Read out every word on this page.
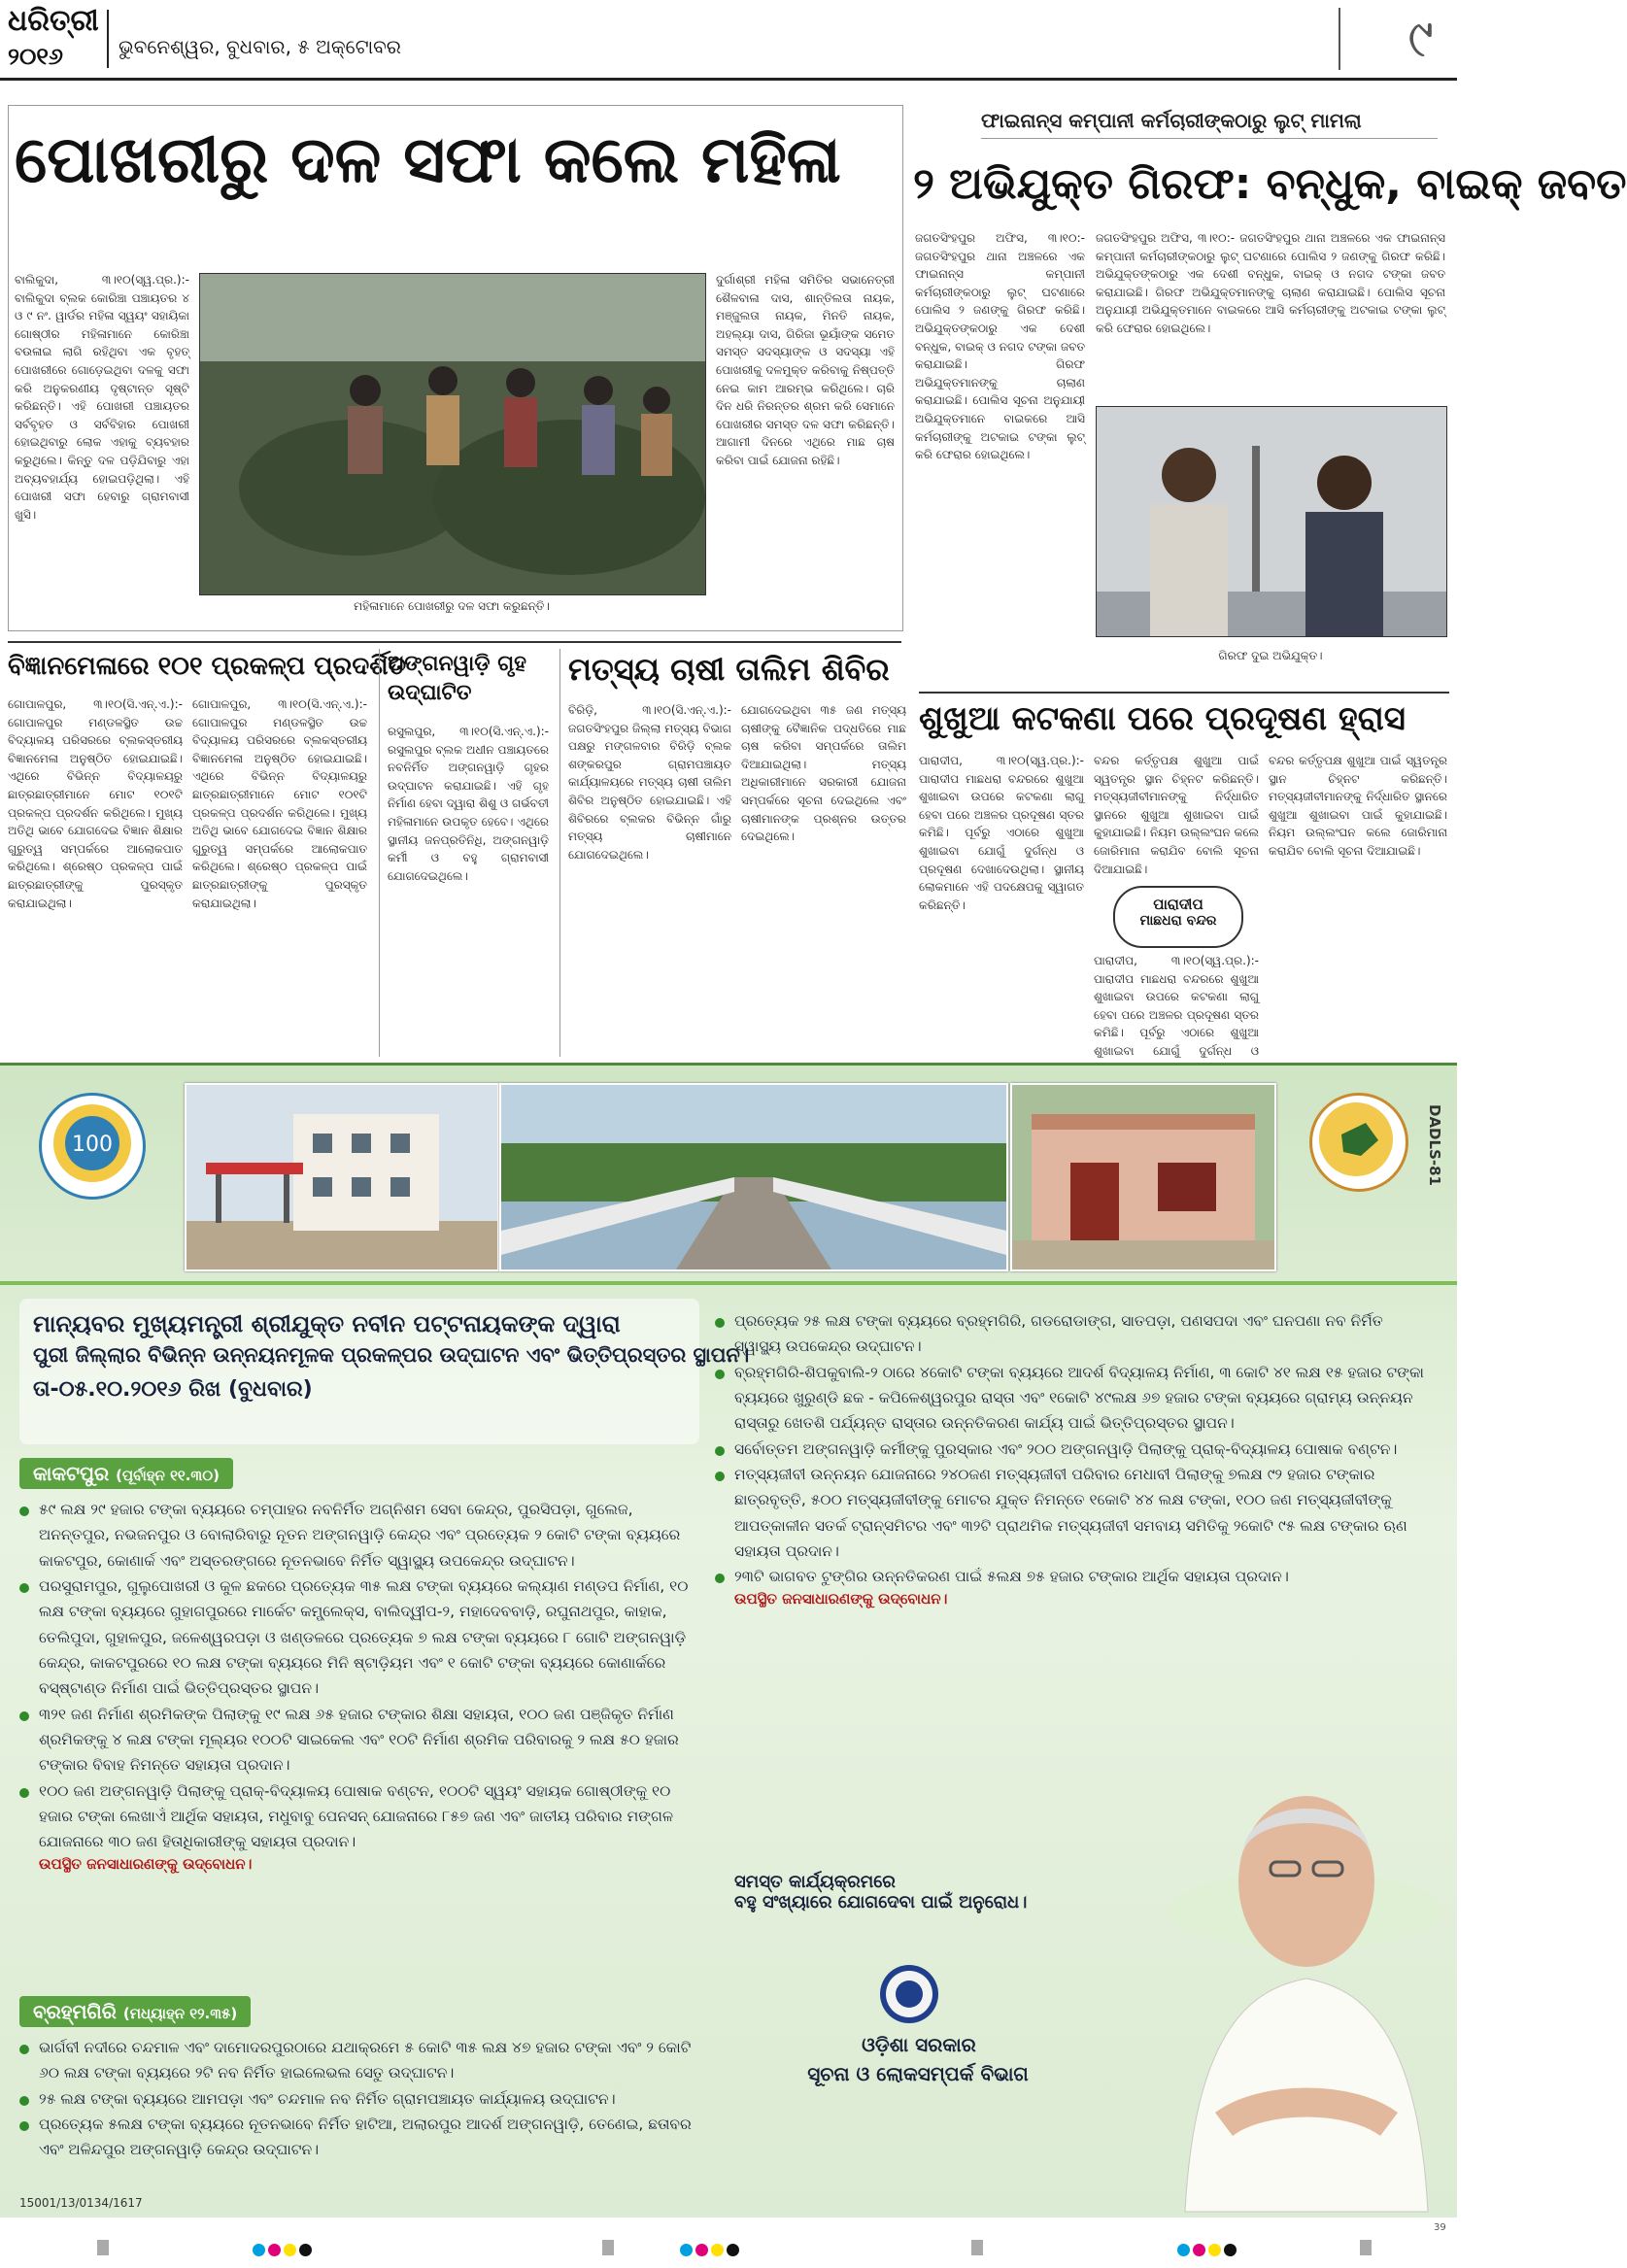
ଧରିତ୍ରୀ
୨୦୧୬	ଭୁବନେଶ୍ୱର, ବୁଧବାର, ୫ ଅକ୍ଟୋବର	୯
ପୋଖରୀରୁ ଦଳ ସଫା କଲେ ମହିଳା
ବାଲିକୁଦା, ୩।୧୦(ସ୍ୱ.ପ୍ର.):- ବାଲିକୁଦା ବ୍ଲକ କୋରିଞ୍ଚା ପଞ୍ଚାୟତର ୪ ଓ ୯ ନଂ. ୱାର୍ଡର ମହିଳା ସ୍ୱୟଂ ସହାୟିକା ଗୋଷ୍ଠୀର ମହିଳାମାନେ କୋରିଞ୍ଚା ବଉଳାଇ ଲାଗି ରହିଥିବା ଏକ ବୃହତ୍ ପୋଖରୀରେ ଗୋଡ଼େଇଥିବା ଦଳକୁ ସଫା କରି ଅନୁକରଣୀୟ ଦୃଷ୍ଟାନ୍ତ ସୃଷ୍ଟି କରିଛନ୍ତି। ଏହି ପୋଖରୀ ପଞ୍ଚାୟତର ସର୍ବବୃହତ ଓ ସର୍ବବିହାର ପୋଖରୀ ହୋଇଥିବାରୁ ଲୋକ ଏହାକୁ ବ୍ୟବହାର କରୁଥିଲେ। କିନ୍ତୁ ଦଳ ପଡ଼ିଯିବାରୁ ଏହା ଅବ୍ୟବହାର୍ଯ୍ୟ ହୋଇପଡ଼ିଥିଲା। ଏହି ପୋଖରୀ ସଫା ହେବାରୁ ଗ୍ରାମବାସୀ ଖୁସି।
ମହିଳାମାନେ ପୋଖରୀରୁ ଦଳ ସଫା କରୁଛନ୍ତି।
ଦୁର୍ଗାଶ୍ରୀ ମହିଳା ସମିତିର ସଭାନେତ୍ରୀ ଶୈଳବାଳା ଦାସ, ଶାନ୍ତିଲତା ନାୟକ, ମଞ୍ଜୁଲତା ନାୟକ, ମିନତି ନାୟକ, ଅହଲ୍ୟା ଦାସ, ଗିରିଜା ଭୂୟାଁଙ୍କ ସମେତ ସମସ୍ତ ସଦସ୍ୟାଙ୍କ ଓ ସଦସ୍ୟା ଏହି ପୋଖରୀକୁ ଦଳମୁକ୍ତ କରିବାକୁ ନିଷ୍ପତ୍ତି ନେଇ କାମ ଆରମ୍ଭ କରିଥିଲେ। ଚାରି ଦିନ ଧରି ନିରନ୍ତର ଶ୍ରମ କରି ସେମାନେ ପୋଖରୀର ସମସ୍ତ ଦଳ ସଫା କରିଛନ୍ତି। ଆଗାମୀ ଦିନରେ ଏଥିରେ ମାଛ ଚାଷ କରିବା ପାଇଁ ଯୋଜନା ରହିଛି।
ଫାଇନାନ୍ସ କମ୍ପାନୀ କର୍ମଚାରୀଙ୍କଠାରୁ ଲୁଟ୍ ମାମଲା
୨ ଅଭିଯୁକ୍ତ ଗିରଫ: ବନ୍ଧୁକ, ବାଇକ୍ ଜବତ
ଜଗତସିଂହପୁର ଅଫିସ, ୩।୧୦:- ଜଗତସିଂହପୁର ଥାନା ଅଞ୍ଚଳରେ ଏକ ଫାଇନାନ୍ସ କମ୍ପାନୀ କର୍ମଚାରୀଙ୍କଠାରୁ ଲୁଟ୍ ଘଟଣାରେ ପୋଲିସ ୨ ଜଣଙ୍କୁ ଗିରଫ କରିଛି। ଅଭିଯୁକ୍ତଙ୍କଠାରୁ ଏକ ଦେଶୀ ବନ୍ଧୁକ, ବାଇକ୍ ଓ ନଗଦ ଟଙ୍କା ଜବତ କରାଯାଇଛି। ଗିରଫ ଅଭିଯୁକ୍ତମାନଙ୍କୁ ଚାଲାଣ କରାଯାଇଛି। ପୋଲିସ ସୂଚନା ଅନୁଯାୟୀ ଅଭିଯୁକ୍ତମାନେ ବାଇକରେ ଆସି କର୍ମଚାରୀଙ୍କୁ ଅଟକାଇ ଟଙ୍କା ଲୁଟ୍ କରି ଫେରାର ହୋଇଥିଲେ।
ଜଗତସିଂହପୁର ଅଫିସ, ୩।୧୦:- ଜଗତସିଂହପୁର ଥାନା ଅଞ୍ଚଳରେ ଏକ ଫାଇନାନ୍ସ କମ୍ପାନୀ କର୍ମଚାରୀଙ୍କଠାରୁ ଲୁଟ୍ ଘଟଣାରେ ପୋଲିସ ୨ ଜଣଙ୍କୁ ଗିରଫ କରିଛି। ଅଭିଯୁକ୍ତଙ୍କଠାରୁ ଏକ ଦେଶୀ ବନ୍ଧୁକ, ବାଇକ୍ ଓ ନଗଦ ଟଙ୍କା ଜବତ କରାଯାଇଛି। ଗିରଫ ଅଭିଯୁକ୍ତମାନଙ୍କୁ ଚାଲାଣ କରାଯାଇଛି। ପୋଲିସ ସୂଚନା ଅନୁଯାୟୀ ଅଭିଯୁକ୍ତମାନେ ବାଇକରେ ଆସି କର୍ମଚାରୀଙ୍କୁ ଅଟକାଇ ଟଙ୍କା ଲୁଟ୍ କରି ଫେରାର ହୋଇଥିଲେ।
ଗିରଫ ଦୁଇ ଅଭିଯୁକ୍ତ।
ବିଜ୍ଞାନମେଳାରେ ୧୦୧ ପ୍ରକଳ୍ପ ପ୍ରଦର୍ଶିତ
ଗୋପାଳପୁର, ୩।୧୦(ସି.ଏନ୍.ଏ.):- ଗୋପାଳପୁର ମଣ୍ଡଳସ୍ଥିତ ଉଚ୍ଚ ବିଦ୍ୟାଳୟ ପରିସରରେ ବ୍ଲକସ୍ତରୀୟ ବିଜ୍ଞାନମେଳା ଅନୁଷ୍ଠିତ ହୋଇଯାଇଛି। ଏଥିରେ ବିଭିନ୍ନ ବିଦ୍ୟାଳୟରୁ ଛାତ୍ରଛାତ୍ରୀମାନେ ମୋଟ ୧୦୧ଟି ପ୍ରକଳ୍ପ ପ୍ରଦର୍ଶନ କରିଥିଲେ। ମୁଖ୍ୟ ଅତିଥି ଭାବେ ଯୋଗଦେଇ ବିଜ୍ଞାନ ଶିକ୍ଷାର ଗୁରୁତ୍ୱ ସମ୍ପର୍କରେ ଆଲୋକପାତ କରିଥିଲେ। ଶ୍ରେଷ୍ଠ ପ୍ରକଳ୍ପ ପାଇଁ ଛାତ୍ରଛାତ୍ରୀଙ୍କୁ ପୁରସ୍କୃତ କରାଯାଇଥିଲା।
ଗୋପାଳପୁର, ୩।୧୦(ସି.ଏନ୍.ଏ.):- ଗୋପାଳପୁର ମଣ୍ଡଳସ୍ଥିତ ଉଚ୍ଚ ବିଦ୍ୟାଳୟ ପରିସରରେ ବ୍ଲକସ୍ତରୀୟ ବିଜ୍ଞାନମେଳା ଅନୁଷ୍ଠିତ ହୋଇଯାଇଛି। ଏଥିରେ ବିଭିନ୍ନ ବିଦ୍ୟାଳୟରୁ ଛାତ୍ରଛାତ୍ରୀମାନେ ମୋଟ ୧୦୧ଟି ପ୍ରକଳ୍ପ ପ୍ରଦର୍ଶନ କରିଥିଲେ। ମୁଖ୍ୟ ଅତିଥି ଭାବେ ଯୋଗଦେଇ ବିଜ୍ଞାନ ଶିକ୍ଷାର ଗୁରୁତ୍ୱ ସମ୍ପର୍କରେ ଆଲୋକପାତ କରିଥିଲେ। ଶ୍ରେଷ୍ଠ ପ୍ରକଳ୍ପ ପାଇଁ ଛାତ୍ରଛାତ୍ରୀଙ୍କୁ ପୁରସ୍କୃତ କରାଯାଇଥିଲା।
ଅଙ୍ଗନୱାଡ଼ି ଗୃହ
ଉଦ୍‌ଘାଟିତ
ରସୁଲପୁର, ୩।୧୦(ସି.ଏନ୍.ଏ.):- ରସୁଲପୁର ବ୍ଲକ ଅଧୀନ ପଞ୍ଚାୟତରେ ନବନିର୍ମିତ ଅଙ୍ଗନୱାଡ଼ି ଗୃହର ଉଦ୍‌ଘାଟନ କରାଯାଇଛି। ଏହି ଗୃହ ନିର୍ମାଣ ହେବା ଦ୍ୱାରା ଶିଶୁ ଓ ଗର୍ଭବତୀ ମହିଳାମାନେ ଉପକୃତ ହେବେ। ଏଥିରେ ସ୍ଥାନୀୟ ଜନପ୍ରତିନିଧି, ଅଙ୍ଗନୱାଡ଼ି କର୍ମୀ ଓ ବହୁ ଗ୍ରାମବାସୀ ଯୋଗଦେଇଥିଲେ।
ମତ୍ସ୍ୟ ଚାଷୀ ତାଲିମ ଶିବିର
ବିରିଡ଼ି, ୩।୧୦(ସି.ଏନ୍.ଏ.):- ଜଗତସିଂହପୁର ଜିଲ୍ଲା ମତ୍ସ୍ୟ ବିଭାଗ ପକ୍ଷରୁ ମଙ୍ଗଳବାର ବିରିଡ଼ି ବ୍ଲକ ଶଙ୍କରପୁର ଗ୍ରାମପଞ୍ଚାୟତ କାର୍ଯ୍ୟାଳୟରେ ମତ୍ସ୍ୟ ଚାଷୀ ତାଲିମ ଶିବିର ଅନୁଷ୍ଠିତ ହୋଇଯାଇଛି। ଏହି ଶିବିରରେ ବ୍ଲକର ବିଭିନ୍ନ ଗାଁରୁ ମତ୍ସ୍ୟ ଚାଷୀମାନେ ଯୋଗଦେଇଥିଲେ।
ଯୋଗଦେଇଥିବା ୩୫ ଜଣ ମତ୍ସ୍ୟ ଚାଷୀଙ୍କୁ ବୈଜ୍ଞାନିକ ପଦ୍ଧତିରେ ମାଛ ଚାଷ କରିବା ସମ୍ପର୍କରେ ତାଲିମ ଦିଆଯାଇଥିଲା। ମତ୍ସ୍ୟ ଅଧିକାରୀମାନେ ସରକାରୀ ଯୋଜନା ସମ୍ପର୍କରେ ସୂଚନା ଦେଇଥିଲେ ଏବଂ ଚାଷୀମାନଙ୍କ ପ୍ରଶ୍ନର ଉତ୍ତର ଦେଇଥିଲେ।
ଶୁଖୁଆ କଟକଣା ପରେ ପ୍ରଦୂଷଣ ହ୍ରାସ
ପାରାଦୀପ, ୩।୧୦(ସ୍ୱ.ପ୍ର.):- ପାରାଦୀପ ମାଛଧରା ବନ୍ଦରରେ ଶୁଖୁଆ ଶୁଖାଇବା ଉପରେ କଟକଣା ଲାଗୁ ହେବା ପରେ ଅଞ୍ଚଳର ପ୍ରଦୂଷଣ ସ୍ତର କମିଛି। ପୂର୍ବରୁ ଏଠାରେ ଶୁଖୁଆ ଶୁଖାଇବା ଯୋଗୁଁ ଦୁର୍ଗନ୍ଧ ଓ ପ୍ରଦୂଷଣ ଦେଖାଦେଉଥିଲା। ସ୍ଥାନୀୟ ଲୋକମାନେ ଏହି ପଦକ୍ଷେପକୁ ସ୍ୱାଗତ କରିଛନ୍ତି।
ବନ୍ଦର କର୍ତ୍ତୃପକ୍ଷ ଶୁଖୁଆ ପାଇଁ ସ୍ୱତନ୍ତ୍ର ସ୍ଥାନ ଚିହ୍ନଟ କରିଛନ୍ତି। ମତ୍ସ୍ୟଜୀବୀମାନଙ୍କୁ ନିର୍ଦ୍ଧାରିତ ସ୍ଥାନରେ ଶୁଖୁଆ ଶୁଖାଇବା ପାଇଁ କୁହାଯାଇଛି। ନିୟମ ଉଲ୍ଲଂଘନ କଲେ ଜୋରିମାନା କରାଯିବ ବୋଲି ସୂଚନା ଦିଆଯାଇଛି।
ପାରାଦୀପ
ମାଛଧରା ବନ୍ଦର
ପାରାଦୀପ, ୩।୧୦(ସ୍ୱ.ପ୍ର.):- ପାରାଦୀପ ମାଛଧରା ବନ୍ଦରରେ ଶୁଖୁଆ ଶୁଖାଇବା ଉପରେ କଟକଣା ଲାଗୁ ହେବା ପରେ ଅଞ୍ଚଳର ପ୍ରଦୂଷଣ ସ୍ତର କମିଛି। ପୂର୍ବରୁ ଏଠାରେ ଶୁଖୁଆ ଶୁଖାଇବା ଯୋଗୁଁ ଦୁର୍ଗନ୍ଧ ଓ
ବନ୍ଦର କର୍ତ୍ତୃପକ୍ଷ ଶୁଖୁଆ ପାଇଁ ସ୍ୱତନ୍ତ୍ର ସ୍ଥାନ ଚିହ୍ନଟ କରିଛନ୍ତି। ମତ୍ସ୍ୟଜୀବୀମାନଙ୍କୁ ନିର୍ଦ୍ଧାରିତ ସ୍ଥାନରେ ଶୁଖୁଆ ଶୁଖାଇବା ପାଇଁ କୁହାଯାଇଛି। ନିୟମ ଉଲ୍ଲଂଘନ କଲେ ଜୋରିମାନା କରାଯିବ ବୋଲି ସୂଚନା ଦିଆଯାଇଛି।
100	DADLS-81
ମାନ୍ୟବର ମୁଖ୍ୟମନ୍ତ୍ରୀ ଶ୍ରୀଯୁକ୍ତ ନବୀନ ପଟ୍ଟନାୟକଙ୍କ ଦ୍ୱାରା
ପୁରୀ ଜିଲ୍ଲାର ବିଭିନ୍ନ ଉନ୍ନୟନମୂଳକ ପ୍ରକଳ୍ପର ଉଦ୍‌ଘାଟନ ଏବଂ ଭିତ୍ତିପ୍ରସ୍ତର ସ୍ଥାପନ।
ତା-୦୫.୧୦.୨୦୧୬ ରିଖ (ବୁଧବାର)
କାକଟପୁର (ପୂର୍ବାହ୍ନ ୧୧.୩୦)
୫୯ ଲକ୍ଷ ୨୯ ହଜାର ଟଙ୍କା ବ୍ୟୟରେ ଚମ୍ପାହର ନବନିର୍ମିତ ଅଗ୍ନିଶମ ସେବା କେନ୍ଦ୍ର, ପୁରସିପଡ଼ା, ଗୁଲେଜ, ଅନନ୍ତପୁର, ନଭଜନପୁର ଓ ବୋଲାରିବାରୁ ନୂତନ ଅଙ୍ଗନୱାଡ଼ି କେନ୍ଦ୍ର ଏବଂ ପ୍ରତ୍ୟେକ ୨ କୋଟି ଟଙ୍କା ବ୍ୟୟରେ କାକଟପୁର, କୋଣାର୍କ ଏବଂ ଅସ୍ତରଙ୍ଗରେ ନୂତନଭାବେ ନିର୍ମିତ ସ୍ୱାସ୍ଥ୍ୟ ଉପକେନ୍ଦ୍ର ଉଦ୍‌ଘାଟନ।
ପରସୁରାମପୁର, ଗୁଲୁପୋଖରୀ ଓ କୁଳ ଛକରେ ପ୍ରତ୍ୟେକ ୩୫ ଲକ୍ଷ ଟଙ୍କା ବ୍ୟୟରେ କଲ୍ୟାଣ ମଣ୍ଡପ ନିର୍ମାଣ, ୧୦ ଲକ୍ଷ ଟଙ୍କା ବ୍ୟୟରେ ଗୁହାଗପୁରରେ ମାର୍କେଟ କମ୍ପ୍ଲେକ୍ସ, ବାଲିଦ୍ୱୀପ-୨, ମହାଦେବବାଡ଼ି, ରଘୁନାଥପୁର, କାହାକ, ତେଲିପୁଦା, ଗୁହାଳପୁର, ଜଳେଶ୍ୱରପଡ଼ା ଓ ଖଣ୍ଡଳରେ ପ୍ରତ୍ୟେକ ୭ ଲକ୍ଷ ଟଙ୍କା ବ୍ୟୟରେ ୮ ଗୋଟି ଅଙ୍ଗନୱାଡ଼ି କେନ୍ଦ୍ର, କାକଟପୁରରେ ୧୦ ଲକ୍ଷ ଟଙ୍କା ବ୍ୟୟରେ ମିନି ଷ୍ଟାଡ଼ିୟମ ଏବଂ ୧ କୋଟି ଟଙ୍କା ବ୍ୟୟରେ କୋଣାର୍କରେ ବସ୍‌ଷ୍ଟାଣ୍ଡ ନିର୍ମାଣ ପାଇଁ ଭିତ୍ତିପ୍ରସ୍ତର ସ୍ଥାପନ।
୩୨୧ ଜଣ ନିର୍ମାଣ ଶ୍ରମିକଙ୍କ ପିଲାଙ୍କୁ ୧୯ ଲକ୍ଷ ୬୫ ହଜାର ଟଙ୍କାର ଶିକ୍ଷା ସହାୟତା, ୧୦୦ ଜଣ ପଞ୍ଜିକୃତ ନିର୍ମାଣ ଶ୍ରମିକଙ୍କୁ ୪ ଲକ୍ଷ ଟଙ୍କା ମୂଲ୍ୟର ୧୦୦ଟି ସାଇକେଲ ଏବଂ ୧୦ଟି ନିର୍ମାଣ ଶ୍ରମିକ ପରିବାରକୁ ୨ ଲକ୍ଷ ୫୦ ହଜାର ଟଙ୍କାର ବିବାହ ନିମନ୍ତେ ସହାୟତା ପ୍ରଦାନ।
୧୦୦ ଜଣ ଅଙ୍ଗନୱାଡ଼ି ପିଲାଙ୍କୁ ପ୍ରାକ୍-ବିଦ୍ୟାଳୟ ପୋଷାକ ବଣ୍ଟନ, ୧୦୦ଟି ସ୍ୱୟଂ ସହାୟକ ଗୋଷ୍ଠୀଙ୍କୁ ୧୦ ହଜାର ଟଙ୍କା ଲେଖାଏଁ ଆର୍ଥିକ ସହାୟତା, ମଧୁବାବୁ ପେନସନ୍ ଯୋଜନାରେ ୮୫୭ ଜଣ ଏବଂ ଜାତୀୟ ପରିବାର ମଙ୍ଗଳ ଯୋଜନାରେ ୩୦ ଜଣ ହିତାଧିକାରୀଙ୍କୁ ସହାୟତା ପ୍ରଦାନ।
ଉପସ୍ଥିତ ଜନସାଧାରଣଙ୍କୁ ଉଦ୍‌ବୋଧନ।
ବ୍ରହ୍ମଗିରି (ମଧ୍ୟାହ୍ନ ୧୨.୩୫)
ଭାର୍ଗବୀ ନଦୀରେ ଚନ୍ଦମାଳ ଏବଂ ଦାମୋଦରପୁରଠାରେ ଯଥାକ୍ରମେ ୫ କୋଟି ୩୫ ଲକ୍ଷ ୪୭ ହଜାର ଟଙ୍କା ଏବଂ ୨ କୋଟି ୬୦ ଲକ୍ଷ ଟଙ୍କା ବ୍ୟୟରେ ୨ଟି ନବ ନିର୍ମିତ ହାଇଲେଭଲ ସେତୁ ଉଦ୍‌ଘାଟନ।
୨୫ ଲକ୍ଷ ଟଙ୍କା ବ୍ୟୟରେ ଆମପଡ଼ା ଏବଂ ଚନ୍ଦମାଳ ନବ ନିର୍ମିତ ଗ୍ରାମପଞ୍ଚାୟତ କାର୍ଯ୍ୟାଳୟ ଉଦ୍‌ଘାଟନ।
ପ୍ରତ୍ୟେକ ୫ଲକ୍ଷ ଟଙ୍କା ବ୍ୟୟରେ ନୂତନଭାବେ ନିର୍ମିତ ହାଟିଆ, ଅଲାରପୁର ଆଦର୍ଶ ଅଙ୍ଗନୱାଡ଼ି, ତେଣେଇ, ଛତାବର ଏବଂ ଅଳିନ୍ଦପୁର ଅଙ୍ଗନୱାଡ଼ି କେନ୍ଦ୍ର ଉଦ୍‌ଘାଟନ।
ପ୍ରତ୍ୟେକ ୨୫ ଲକ୍ଷ ଟଙ୍କା ବ୍ୟୟରେ ବ୍ରହ୍ମଗିରି, ଗଡରୋଡାଙ୍ଗ, ସାତପଡ଼ା, ପଣସପଦା ଏବଂ ଘନପଣା ନବ ନିର୍ମିତ ସ୍ୱାସ୍ଥ୍ୟ ଉପକେନ୍ଦ୍ର ଉଦ୍‌ଘାଟନ।
ବ୍ରହ୍ମଗିରି-ଶିପକୁବାଲି-୨ ଠାରେ ୪କୋଟି ଟଙ୍କା ବ୍ୟୟରେ ଆଦର୍ଶ ବିଦ୍ୟାଳୟ ନିର୍ମାଣ, ୩ କୋଟି ୪୧ ଲକ୍ଷ ୧୫ ହଜାର ଟଙ୍କା ବ୍ୟୟରେ ଖୁରୁଣ୍ଡି ଛକ - କପିଳେଶ୍ୱରପୁର ରାସ୍ତା ଏବଂ ୧କୋଟି ୪୯ଲକ୍ଷ ୬୭ ହଜାର ଟଙ୍କା ବ୍ୟୟରେ ଗ୍ରାମ୍ୟ ଉନ୍ନୟନ ରାସ୍ତାରୁ ଖେତଶି ପର୍ଯ୍ୟନ୍ତ ରାସ୍ତାର ଉନ୍ନତିକରଣ କାର୍ଯ୍ୟ ପାଇଁ ଭିତ୍ତିପ୍ରସ୍ତର ସ୍ଥାପନ।
ସର୍ବୋତ୍ତମ ଅଙ୍ଗନୱାଡ଼ି କର୍ମୀଙ୍କୁ ପୁରସ୍କାର ଏବଂ ୨୦୦ ଅଙ୍ଗନୱାଡ଼ି ପିଲାଙ୍କୁ ପ୍ରାକ୍-ବିଦ୍ୟାଳୟ ପୋଷାକ ବଣ୍ଟନ।
ମତ୍ସ୍ୟଜୀବୀ ଉନ୍ନୟନ ଯୋଜନାରେ ୨୪୦ଜଣ ମତ୍ସ୍ୟଜୀବୀ ପରିବାର ମେଧାବୀ ପିଲାଙ୍କୁ ୭ଲକ୍ଷ ୯୨ ହଜାର ଟଙ୍କାର ଛାତ୍ରବୃତ୍ତି, ୫୦୦ ମତ୍ସ୍ୟଜୀବୀଙ୍କୁ ମୋଟର ଯୁକ୍ତ ନିମନ୍ତେ ୧କୋଟି ୪୪ ଲକ୍ଷ ଟଙ୍କା, ୧୦୦ ଜଣ ମତ୍ସ୍ୟଜୀବୀଙ୍କୁ ଆପତ୍‌କାଳୀନ ସତର୍କ ଟ୍ରାନ୍ସମିଟର ଏବଂ ୩୨ଟି ପ୍ରାଥମିକ ମତ୍ସ୍ୟଜୀବୀ ସମବାୟ ସମିତିକୁ ୨କୋଟି ୯୫ ଲକ୍ଷ ଟଙ୍କାର ଋଣ ସହାୟତା ପ୍ରଦାନ।
୨୩ଟି ଭାଗବତ ଟୁଙ୍ଗିର ଉନ୍ନତିକରଣ ପାଇଁ ୫ଲକ୍ଷ ୭୫ ହଜାର ଟଙ୍କାର ଆର୍ଥିକ ସହାୟତା ପ୍ରଦାନ।
ଉପସ୍ଥିତ ଜନସାଧାରଣଙ୍କୁ ଉଦ୍‌ବୋଧନ।
ସମସ୍ତ କାର୍ଯ୍ୟକ୍ରମରେ
ବହୁ ସଂଖ୍ୟାରେ ଯୋଗଦେବା ପାଇଁ ଅନୁରୋଧ।
ଓଡ଼ିଶା ସରକାର
ସୂଚନା ଓ ଲୋକସମ୍ପର୍କ ବିଭାଗ
15001/13/0134/1617
39
